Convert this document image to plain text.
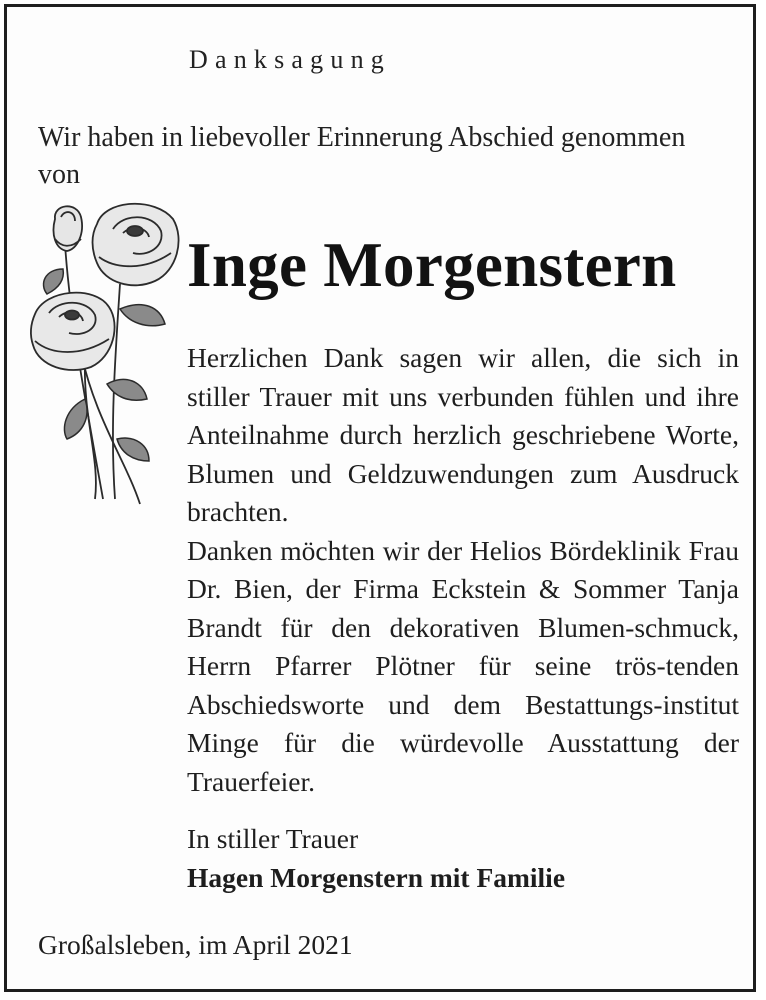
Danksagung
Wir haben in liebevoller Erinnerung Abschied genommen
von
Inge Morgenstern

Herzlichen Dank sagen wir allen, die sich in stiller Trauer mit uns verbunden fühlen und ihre Anteilnahme durch herzlich geschriebene Worte, Blumen und Geldzuwendungen zum Ausdruck brachten.

Danken möchten wir der Helios Bördeklinik Frau Dr. Bien, der Firma Eckstein & Sommer Tanja Brandt für den dekorativen Blumen-schmuck, Herrn Pfarrer Plötner für seine trös-tenden Abschiedsworte und dem Bestattungs-institut Minge für die würdevolle Ausstattung der Trauerfeier.

In stiller Trauer
Hagen Morgenstern mit Familie
Großalsleben, im April 2021
